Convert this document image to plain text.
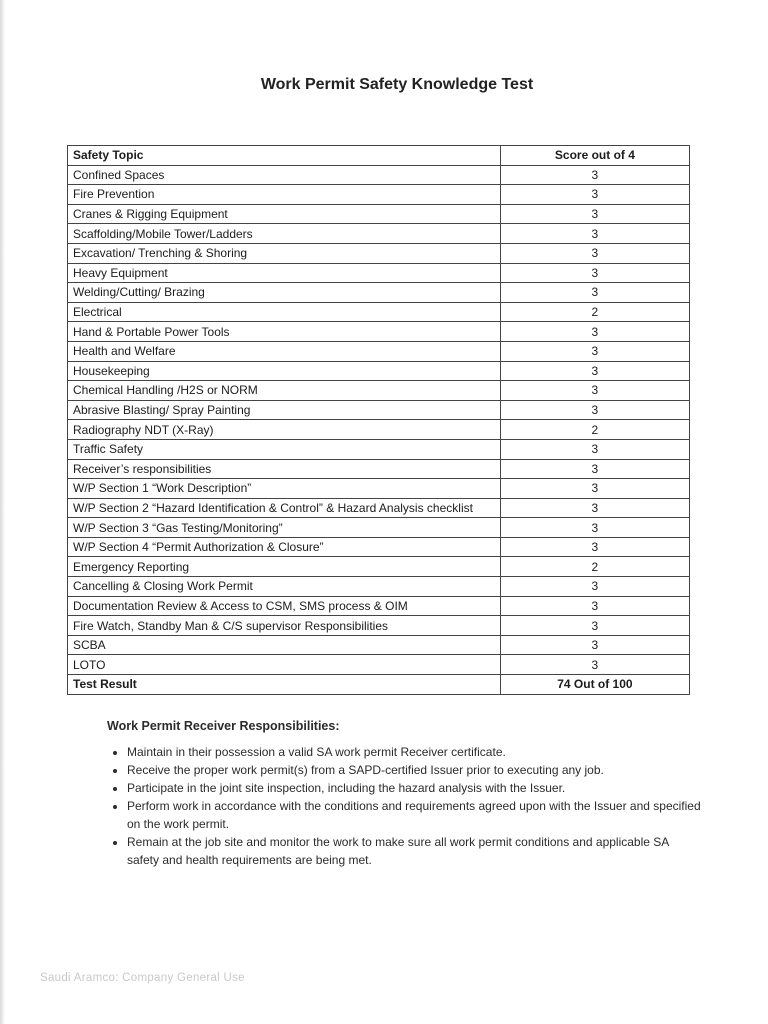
Work Permit Safety Knowledge Test
Safety Topic	Score out of 4
Confined Spaces	3
Fire Prevention	3
Cranes & Rigging Equipment	3
Scaffolding/Mobile Tower/Ladders	3
Excavation/ Trenching & Shoring	3
Heavy Equipment	3
Welding/Cutting/ Brazing	3
Electrical	2
Hand & Portable Power Tools	3
Health and Welfare	3
Housekeeping	3
Chemical Handling /H2S or NORM	3
Abrasive Blasting/ Spray Painting	3
Radiography NDT (X-Ray)	2
Traffic Safety	3
Receiver’s responsibilities	3
W/P Section 1 “Work Description”	3
W/P Section 2 “Hazard Identification & Control” & Hazard Analysis checklist	3
W/P Section 3 “Gas Testing/Monitoring”	3
W/P Section 4 “Permit Authorization & Closure”	3
Emergency Reporting	2
Cancelling & Closing Work Permit	3
Documentation Review & Access to CSM, SMS process & OIM	3
Fire Watch, Standby Man & C/S supervisor Responsibilities	3
SCBA	3
LOTO	3
Test Result	74 Out of 100
Work Permit Receiver Responsibilities:
• Maintain in their possession a valid SA work permit Receiver certificate.
• Receive the proper work permit(s) from a SAPD-certified Issuer prior to executing any job.
• Participate in the joint site inspection, including the hazard analysis with the Issuer.
• Perform work in accordance with the conditions and requirements agreed upon with the Issuer and specified on the work permit.
• Remain at the job site and monitor the work to make sure all work permit conditions and applicable SA safety and health requirements are being met.
Saudi Aramco: Company General Use
